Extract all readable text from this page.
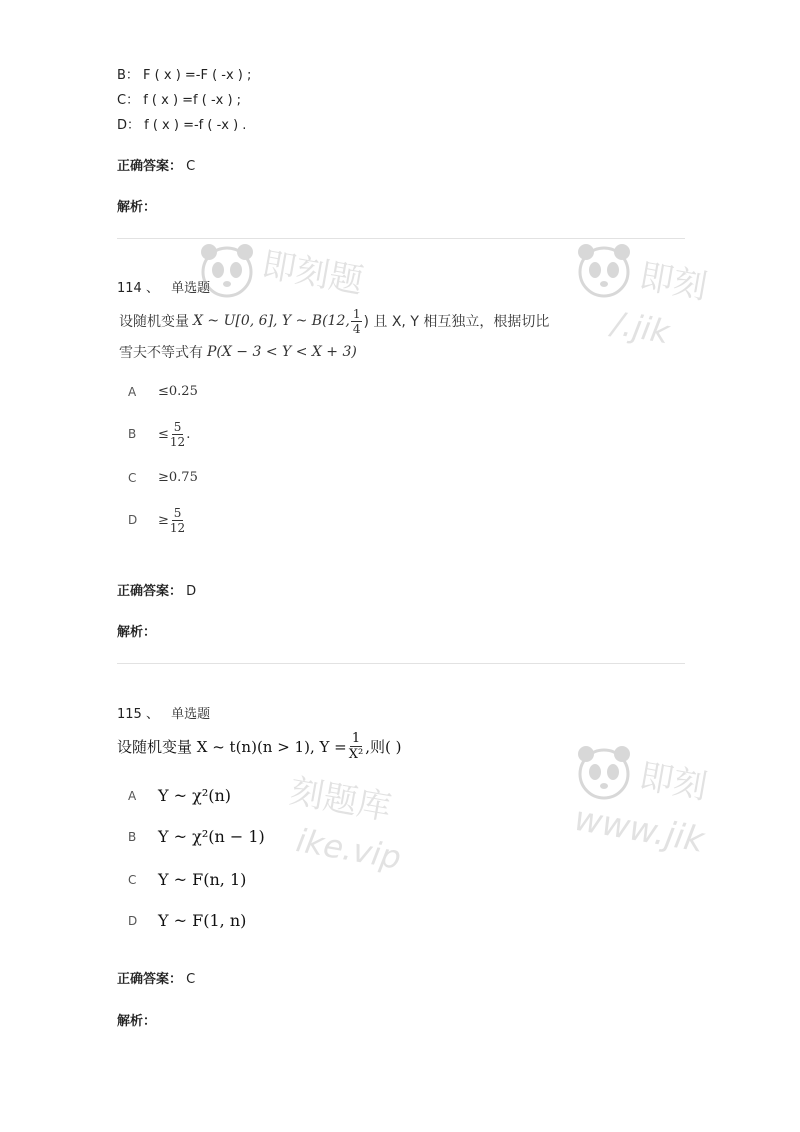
B： F ( x ) =-F ( -x ) ;
C： f ( x ) =f ( -x ) ;
D： f ( x ) =-f ( -x ) .
正确答案： C
解析：
114 、 单选题
设随机变量 X ~ U[0, 6], Y ~ B(12, $\frac{1}{4}$ ) 且 X, Y 相互独立，根据切比
雪夫不等式有 P(X − 3 < Y < X + 3)
A	≤0.25
B	≤ $\frac{5}{12}$ .
C	≥0.75
D	≥ $\frac{5}{12}$
正确答案： D
解析：
115 、 单选题
设随机变量 X ~ t(n)(n > 1), $Y = \frac{1}{\text{X²}}$ ,则( )
A	Y ~ χ²(n)
B	Y ~ χ²(n − 1)
C	Y ~ F(n, 1)
D	Y ~ F(1, n)
正确答案： C
解析：
即刻题	即刻
/.jik
即刻
www.jik
刻题库
ike.vip
